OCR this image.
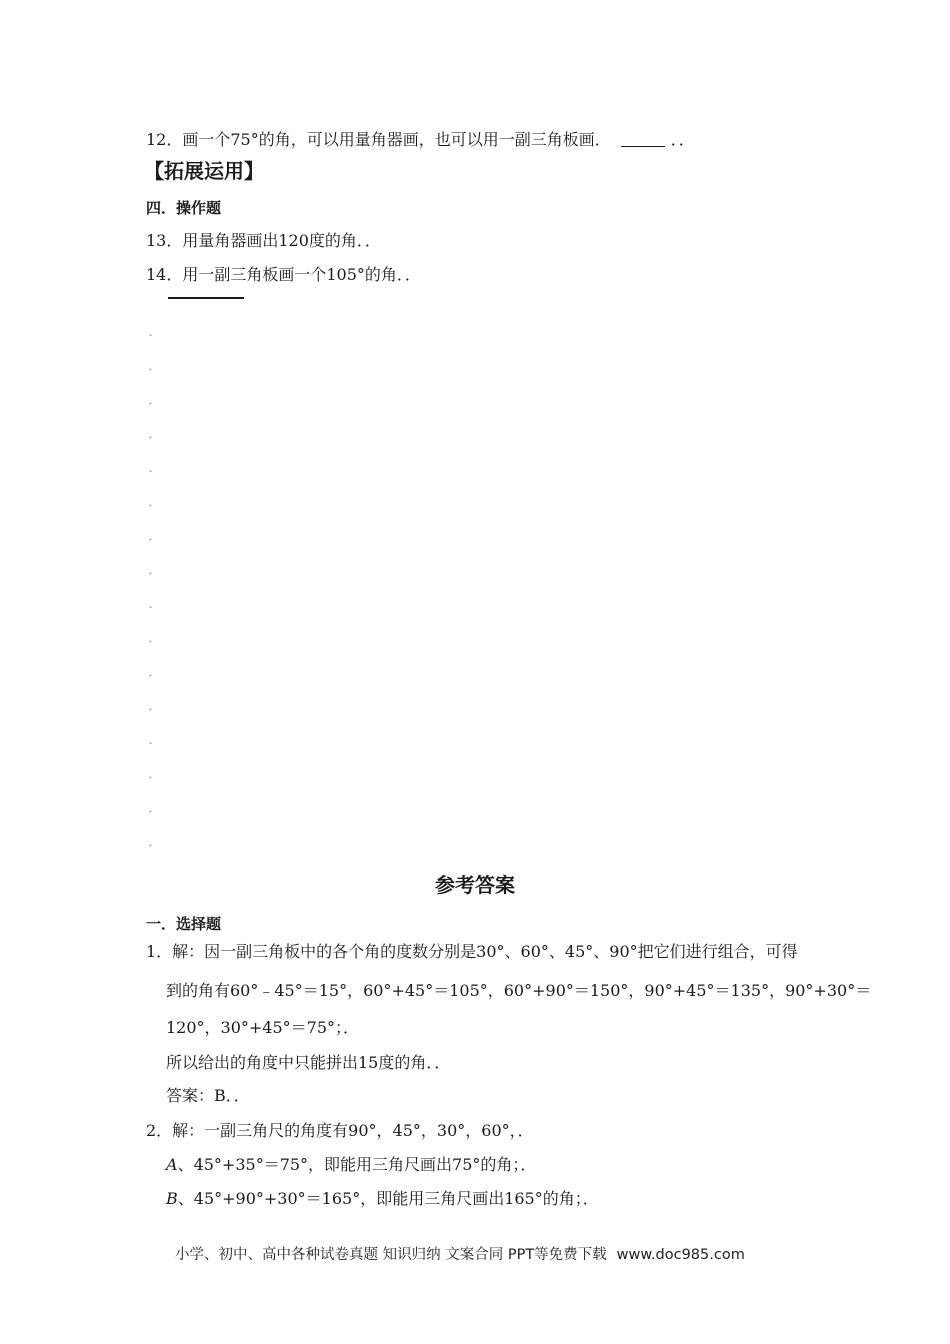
12．画一个75°的角，可以用量角器画，也可以用一副三角板画．	．．
【拓展运用】
四．操作题
13．用量角器画出120度的角．．
14．用一副三角板画一个105°的角．．
˛
˛
˛
˛
˛
˛
˛
˛
˛
˛
˛
˛
˛
˛
˛
˛
参考答案
一．选择题
1．解：因一副三角板中的各个角的度数分别是30°、60°、45°、90°把它们进行组合，可得
到的角有60°﹣45°＝15°，60°+45°＝105°，60°+90°＝150°，90°+45°＝135°，90°+30°＝
120°，30°+45°＝75°；．
所以给出的角度中只能拼出15度的角．．
答案：B．．
2．解：一副三角尺的角度有90°，45°，30°，60°，．
A、45°+35°＝75°，即能用三角尺画出75°的角；．
B、45°+90°+30°＝165°，即能用三角尺画出165°的角；．
小学、初中、高中各种试卷真题 知识归纳 文案合同 PPT等免费下载 www.doc985.com
